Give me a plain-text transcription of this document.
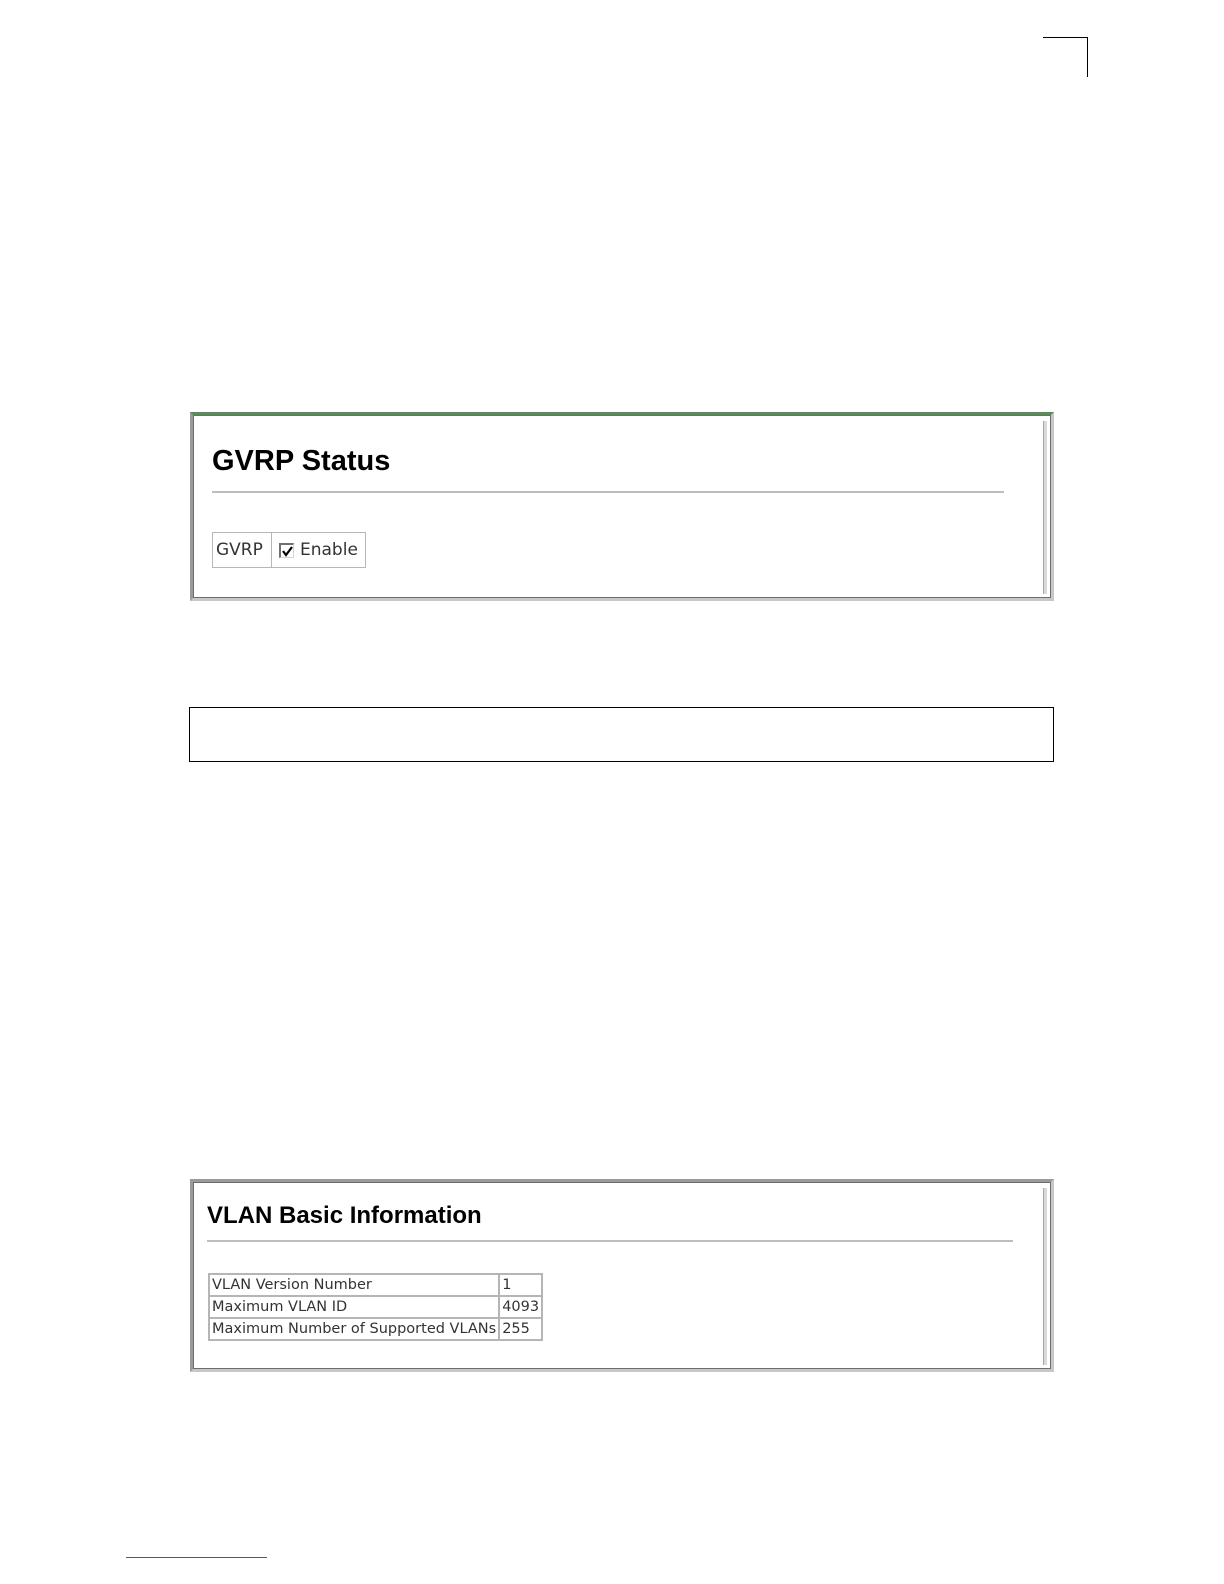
GVRP Status
GVRP	Enable
VLAN Basic Information
VLAN Version Number	1
Maximum VLAN ID	4093
Maximum Number of Supported VLANs	255
